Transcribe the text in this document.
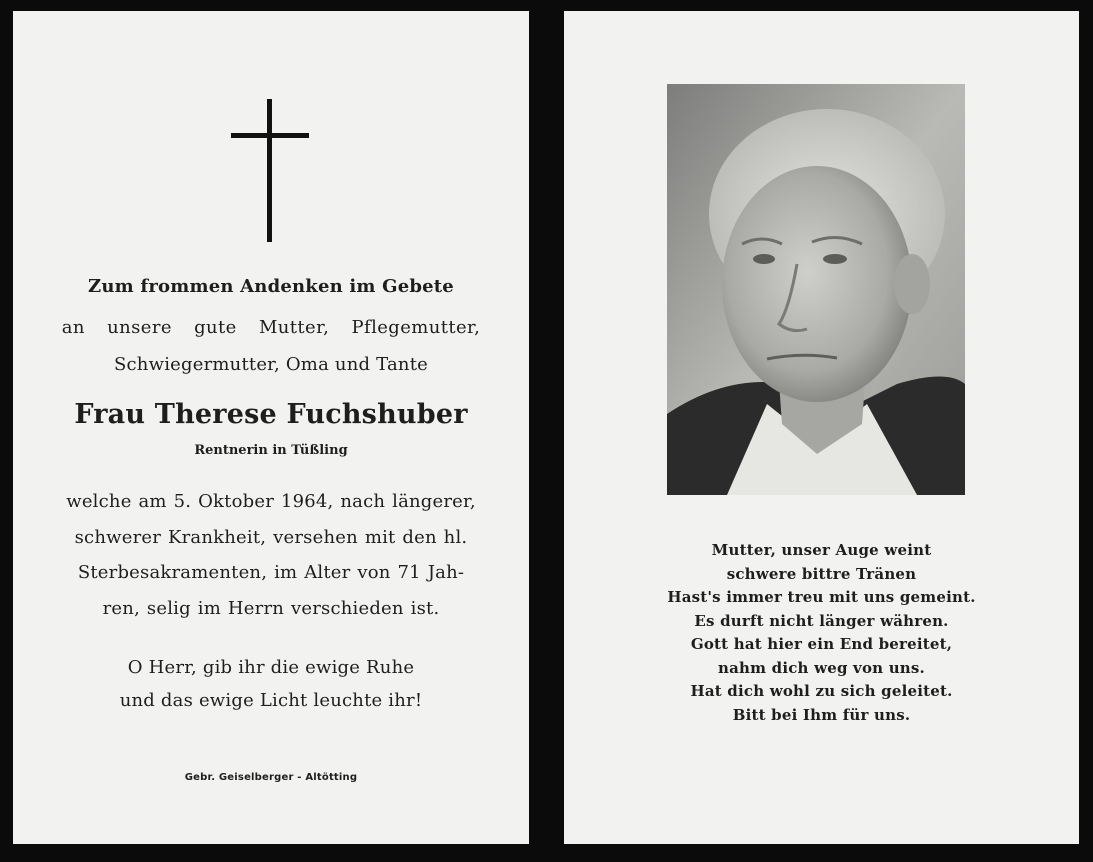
Zum frommen Andenken im Gebete
an  unsere  gute  Mutter,  Pflegemutter,
Schwiegermutter, Oma und Tante
Frau Therese Fuchshuber
Rentnerin in Tüßling
welche am 5. Oktober 1964, nach längerer,
schwerer Krankheit, versehen mit den hl.
Sterbesakramenten, im Alter von 71 Jah-
ren, selig im Herrn verschieden ist.
O Herr, gib ihr die ewige Ruhe
und das ewige Licht leuchte ihr!
Gebr. Geiselberger - Altötting
Mutter, unser Auge weint
schwere bittre Tränen
Hast's immer treu mit uns gemeint.
Es durft nicht länger währen.
Gott hat hier ein End bereitet,
nahm dich weg von uns.
Hat dich wohl zu sich geleitet.
Bitt bei Ihm für uns.
